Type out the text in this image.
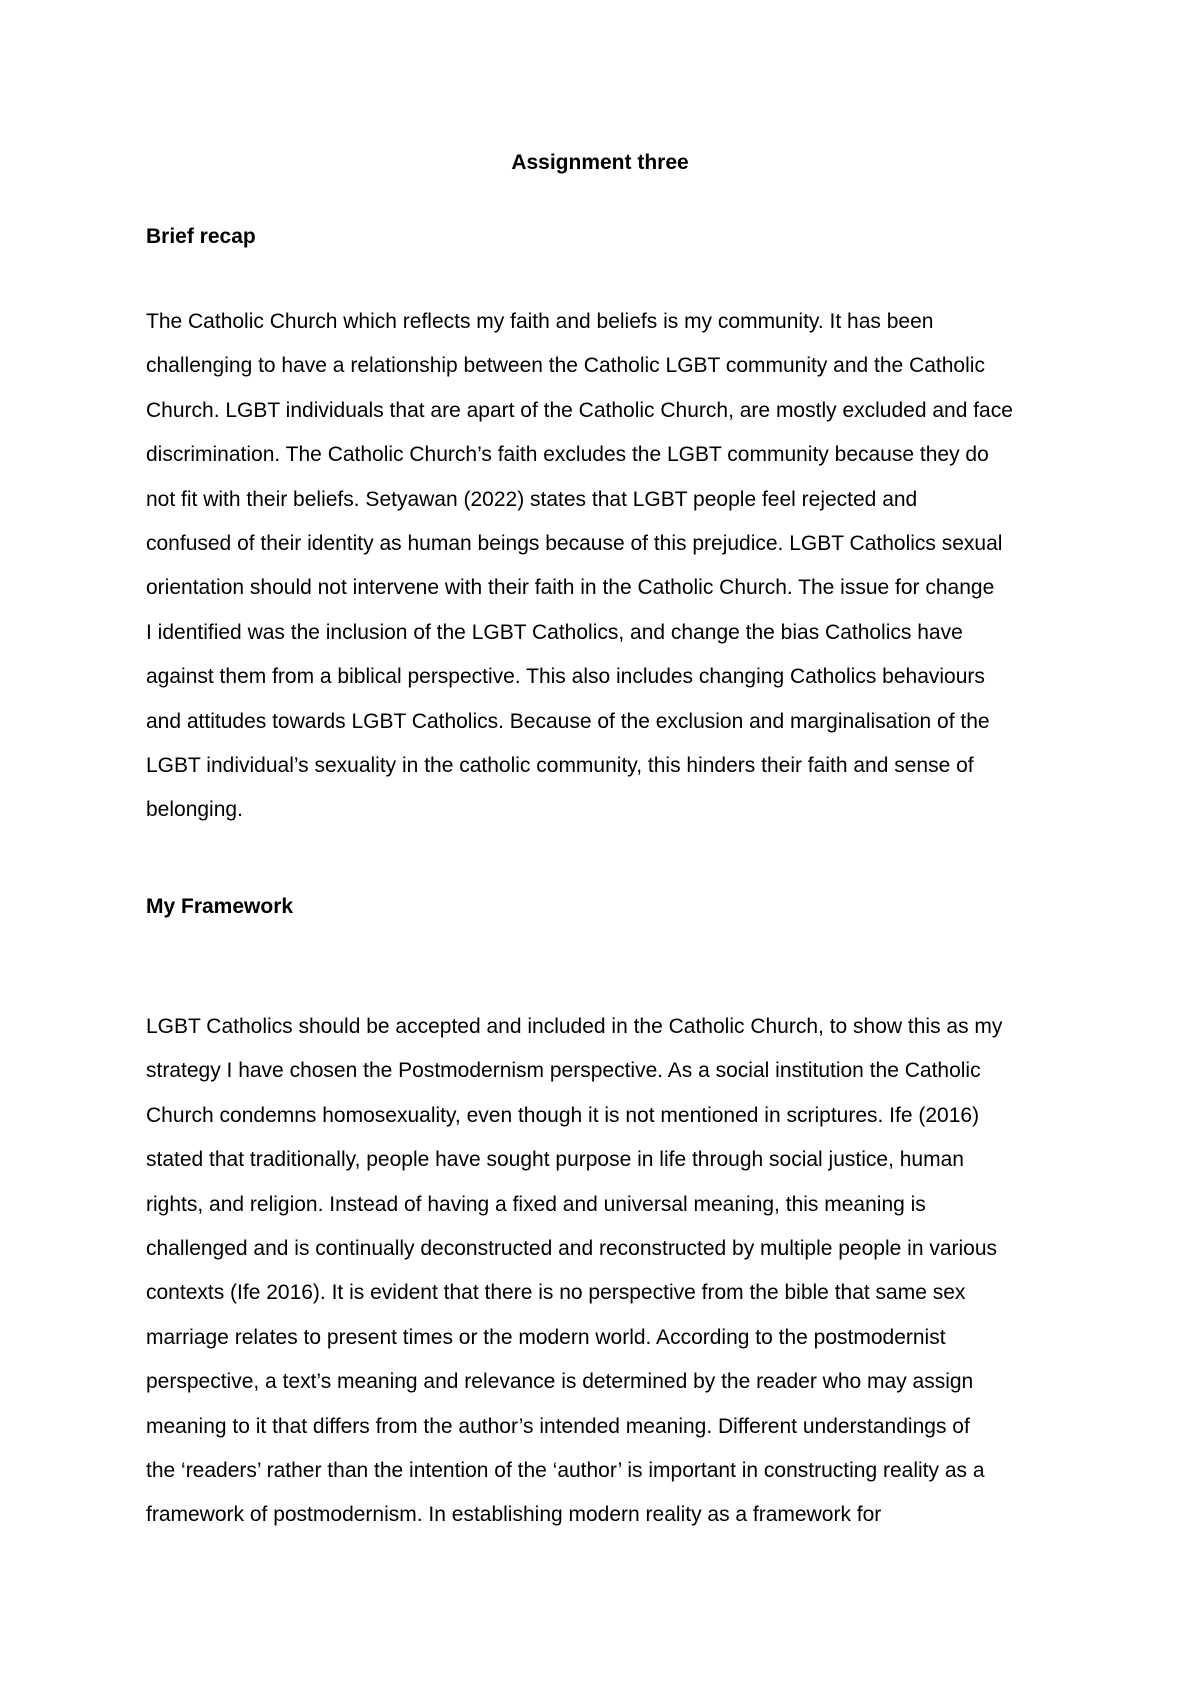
Assignment three
Brief recap

The Catholic Church which reflects my faith and beliefs is my community. It has been
challenging to have a relationship between the Catholic LGBT community and the Catholic
Church. LGBT individuals that are apart of the Catholic Church, are mostly excluded and face
discrimination. The Catholic Church’s faith excludes the LGBT community because they do
not fit with their beliefs. Setyawan (2022) states that LGBT people feel rejected and
confused of their identity as human beings because of this prejudice. LGBT Catholics sexual
orientation should not intervene with their faith in the Catholic Church. The issue for change
I identified was the inclusion of the LGBT Catholics, and change the bias Catholics have
against them from a biblical perspective. This also includes changing Catholics behaviours
and attitudes towards LGBT Catholics. Because of the exclusion and marginalisation of the
LGBT individual’s sexuality in the catholic community, this hinders their faith and sense of
belonging.

My Framework

LGBT Catholics should be accepted and included in the Catholic Church, to show this as my
strategy I have chosen the Postmodernism perspective. As a social institution the Catholic
Church condemns homosexuality, even though it is not mentioned in scriptures. Ife (2016)
stated that traditionally, people have sought purpose in life through social justice, human
rights, and religion. Instead of having a fixed and universal meaning, this meaning is
challenged and is continually deconstructed and reconstructed by multiple people in various
contexts (Ife 2016). It is evident that there is no perspective from the bible that same sex
marriage relates to present times or the modern world. According to the postmodernist
perspective, a text’s meaning and relevance is determined by the reader who may assign
meaning to it that differs from the author’s intended meaning. Different understandings of
the ‘readers’ rather than the intention of the ‘author’ is important in constructing reality as a
framework of postmodernism. In establishing modern reality as a framework for
